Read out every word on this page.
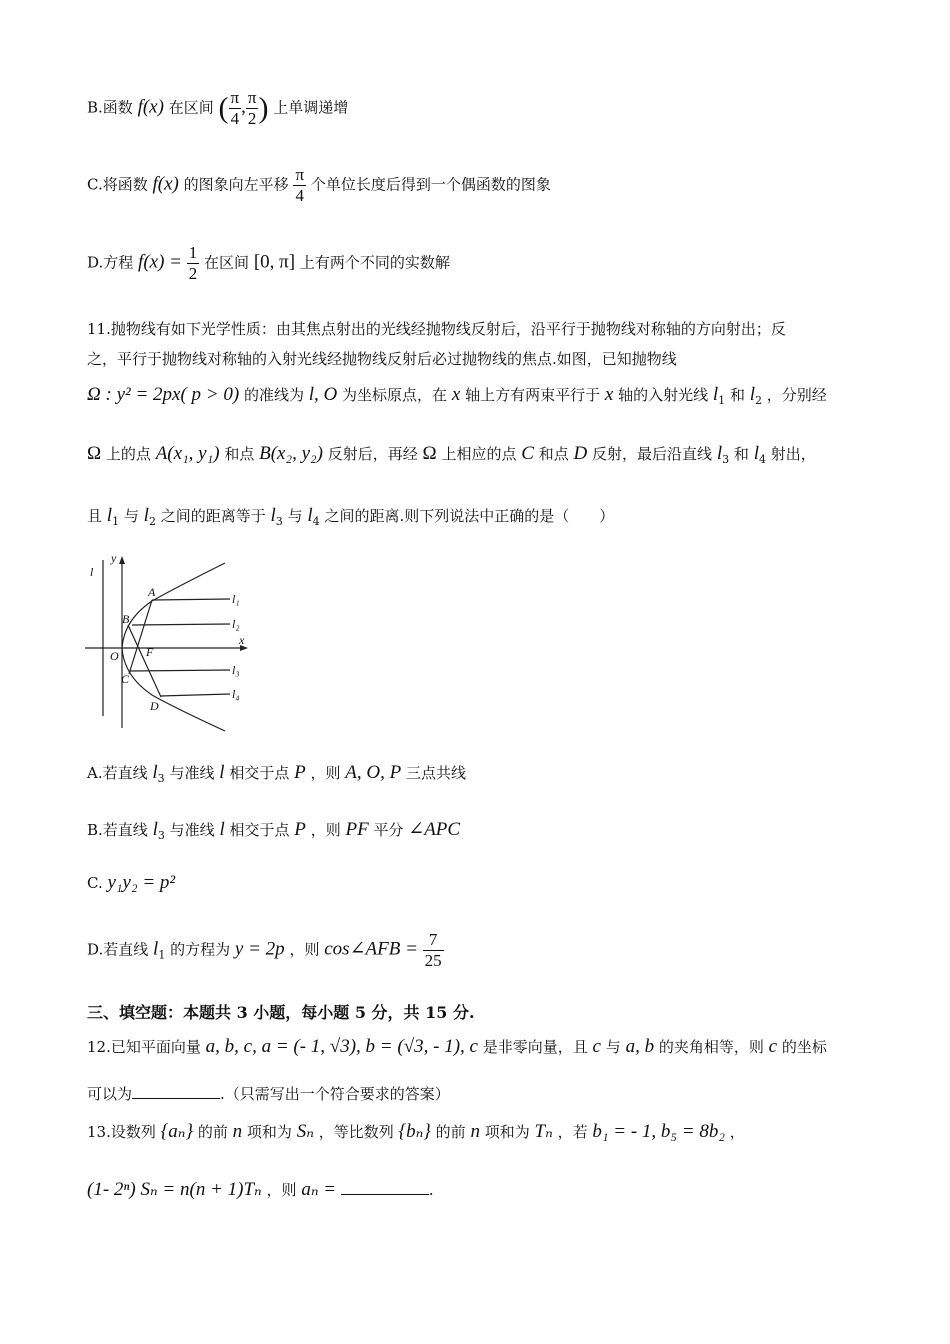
B.函数 f(x) 在区间 ( $\frac{\pi}{4}$ , $\frac{\pi}{2}$ ) 上单调递增
C.将函数 f(x) 的图象向左平移 $\frac{\pi}{4}$ 个单位长度后得到一个偶函数的图象
D.方程 $f(x) = \frac{1}{2}$ 在区间 [0, π] 上有两个不同的实数解
11.抛物线有如下光学性质：由其焦点射出的光线经抛物线反射后，沿平行于抛物线对称轴的方向射出；反
之，平行于抛物线对称轴的入射光线经抛物线反射后必过抛物线的焦点.如图，已知抛物线
Ω : y² = 2px( p > 0) 的准线为 l, O 为坐标原点，在 x 轴上方有两束平行于 x 轴的入射光线 $l_1$ 和 $l_2$ ，分别经
Ω 上的点 A(x₁, y₁) 和点 B(x₂, y₂) 反射后，再经 Ω 上相应的点 C 和点 D 反射，最后沿直线 $l_3$ 和 $l_4$ 射出，
且 $l_1$ 与 $l_2$ 之间的距离等于 $l_3$ 与 $l_4$ 之间的距离.则下列说法中正确的是（　　）
l
y
x
O F
A
B
C
D
l₁
l₂
l₃
l₄
A.若直线 $l_3$ 与准线 l 相交于点 P ，则 A, O, P 三点共线
B.若直线 $l_3$ 与准线 l 相交于点 P ，则 PF 平分 ∠APC
C. y₁y₂ = p²
D.若直线 $l_1$ 的方程为 y = 2p ，则 cos∠AFB = $\frac{7}{25}$
三、填空题：本题共 3 小题，每小题 5 分，共 15 分.
12.已知平面向量 a, b, c, a = (- 1, √3), b = (√3, - 1), c 是非零向量，且 c 与 a, b 的夹角相等，则 c 的坐标
可以为	.（只需写出一个符合要求的答案）
13.设数列 {aₙ} 的前 n 项和为 Sₙ ，等比数列 {bₙ} 的前 n 项和为 Tₙ ，若 b₁ = - 1, b₅ = 8b₂ ，
(1- 2ⁿ) Sₙ = n(n + 1)Tₙ ，则 aₙ =	.
